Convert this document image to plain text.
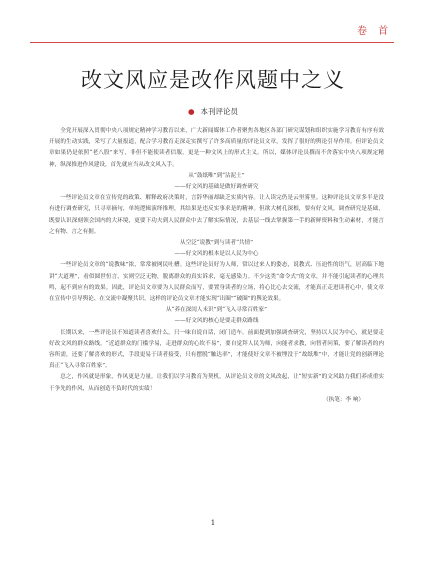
卷 首
改文风应是改作风题中之义
● 本刊评论员

全党开展深入贯彻中央八项规定精神学习教育以来，广大新闻媒体工作者聚焦各地区各部门研究谋划和组织实施学习教育有序有效开展的生动实践，采写了大量报道，配合学习教育走深走实撰写了许多高质量的评论员文章，发挥了很好的舆论引导作用。但评论员文章如果仍是依照“老八股”来写，非但不能使读者信服，更是一种文风上的形式主义。所以，媒体评论员撰而不舍落实中央八项规定精神，纵深推进作风建设，首先就应当从改文风入手。

从“鼓纸唯”到“沾泥土”

——好文风的基础是做好调查研究

一些评论员文章在宣传党的政策、解释政府决策时，言辞华丽却缺乏实质内容。让人读完仍是云里雾里。这种评论员文章多半是没有进行调查研究，只寻章摘句，单纯逻辑演绎推理，其结果是违反实事求是的精神。但欲大树孔深根，要有好文风，调查研究是基础，既要认识深刻领会国内的大环境，更要下功夫到人民群众中去了解实际情况，去基层一线去掌握第一手的新鲜资料和生动素材，才能言之有物、言之有据。

从空泛“说教”到与读者“共情”

——好文风的根本是以人民为中心

一些评论员文章的“说教味”浓，常常被网民吐槽。这些评论员好为人师，常以过来人的姿态，说教式、压迫性的语气，居高临下地讲“大道理”，看似圆世恒言，实则空泛无物，脱离群众的真实诉求，毫无感染力。不少这类“命令式”的文章，并不能引起读者的心理共鸣，起不到应有的效果。因此，评论员文章要为人民群众而写，要置身读者的立场，将心比心去交流，才能真正走进读者心中，使文章在宣传中引导舆论、在交流中凝聚共识。这样的评论员文章才能实现“出圈”“破圈”的舆论效果。

从“养在深闺人未识”到“飞入寻常百姓家”

——好文风的核心是要走群众路线

长期以来，一些评论员不知道读者喜欢什么，只一味自说自话，闭门造车。前面提到加强调查研究，坚持以人民为中心，就是要走好改文风的群众路线。“近道群众的门槛学易，走进群众的心坎不易”，要自觉拜人民为师，向能者求教，向智者问策，要了解读者的内容所需，还要了解喜欢的形式，手段更易于读者接受，只有摆脱“触达率”，才能使好文章不被埋没于“故纸堆”中，才能让党的创新理论真正“飞入寻常百姓家”。

总之，作风就是形象，作风更是力量。让我们以学习教育为契机，从评论员文章的文风改起，让“短实新”的文风助力我们养成重实干争先的作风，从而创造不负时代的实绩！

（执笔：李 响）

1
